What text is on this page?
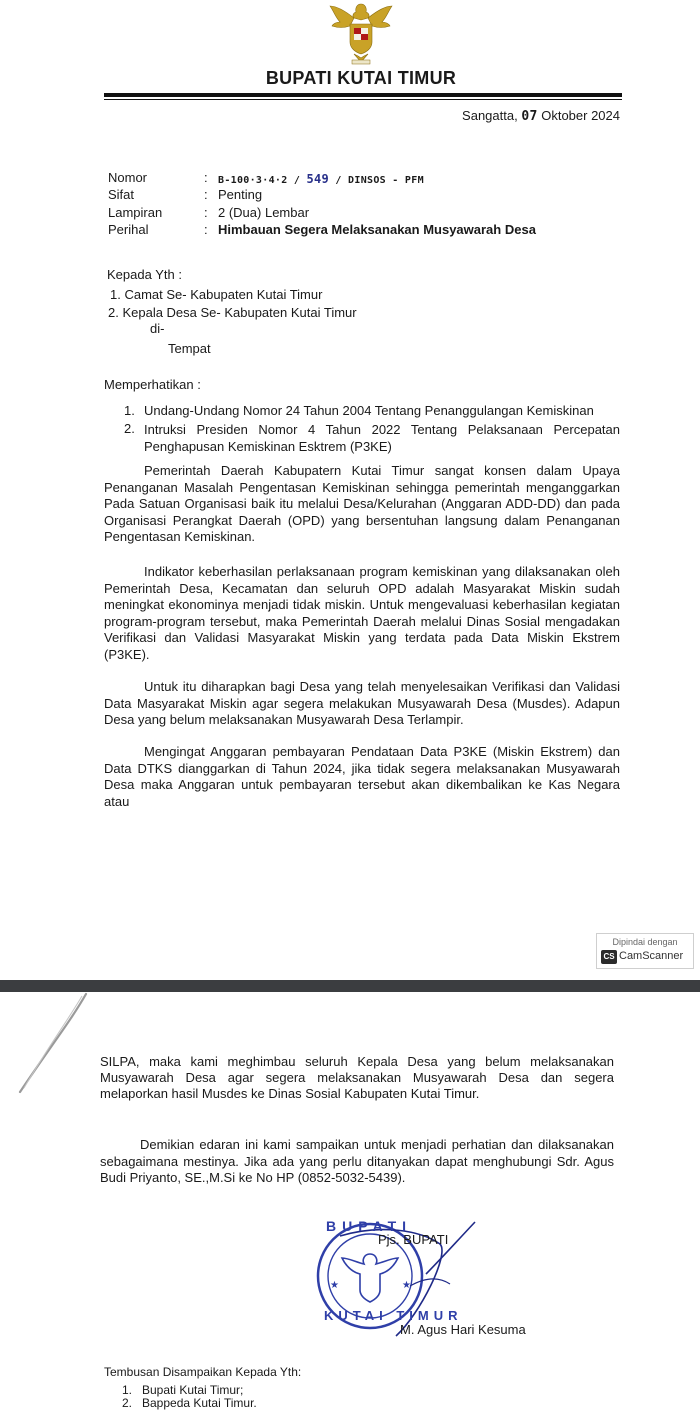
BUPATI KUTAI TIMUR
Sangatta, 07 Oktober 2024
Nomor	: B-100·3·4·2 / 549 / DINSOS - PFM
Sifat	: Penting
Lampiran	: 2 (Dua) Lembar
Perihal	: Himbauan Segera Melaksanakan Musyawarah Desa
Kepada Yth :
1. Camat Se- Kabupaten Kutai Timur
2. Kepala Desa Se- Kabupaten Kutai Timur
di-
Tempat
Memperhatikan :
1. Undang-Undang Nomor 24 Tahun 2004 Tentang Penanggulangan Kemiskinan
2. Intruksi Presiden Nomor 4 Tahun 2022 Tentang Pelaksanaan Percepatan Penghapusan Kemiskinan Esktrem (P3KE)
Pemerintah Daerah Kabupatern Kutai Timur sangat konsen dalam Upaya Penanganan Masalah Pengentasan Kemiskinan sehingga pemerintah menganggarkan Pada Satuan Organisasi baik itu melalui Desa/Kelurahan (Anggaran ADD-DD) dan pada Organisasi Perangkat Daerah (OPD) yang bersentuhan langsung dalam Penanganan Pengentasan Kemiskinan.
Indikator keberhasilan perlaksanaan program kemiskinan yang dilaksanakan oleh Pemerintah Desa, Kecamatan dan seluruh OPD adalah Masyarakat Miskin sudah meningkat ekonominya menjadi tidak miskin. Untuk mengevaluasi keberhasilan kegiatan program-program tersebut, maka Pemerintah Daerah melalui Dinas Sosial mengadakan Verifikasi dan Validasi Masyarakat Miskin yang terdata pada Data Miskin Ekstrem (P3KE).
Untuk itu diharapkan bagi Desa yang telah menyelesaikan Verifikasi dan Validasi Data Masyarakat Miskin agar segera melakukan Musyawarah Desa (Musdes). Adapun Desa yang belum melaksanakan Musyawarah Desa Terlampir.
Mengingat Anggaran pembayaran Pendataan Data P3KE (Miskin Ekstrem) dan Data DTKS dianggarkan di Tahun 2024, jika tidak segera melaksanakan Musyawarah Desa maka Anggaran untuk pembayaran tersebut akan dikembalikan ke Kas Negara atau
Dipindai dengan
CS CamScanner
SILPA, maka kami meghimbau seluruh Kepala Desa yang belum melaksanakan Musyawarah Desa agar segera melaksanakan Musyawarah Desa dan segera melaporkan hasil Musdes ke Dinas Sosial Kabupaten Kutai Timur.
Demikian edaran ini kami sampaikan untuk menjadi perhatian dan dilaksanakan sebagaimana mestinya. Jika ada yang perlu ditanyakan dapat menghubungi Sdr. Agus Budi Priyanto, SE.,M.Si ke No HP (0852-5032-5439).
★	★
BUPATI
KUTAI TIMUR
Pjs. BUPATI
M. Agus Hari Kesuma
Tembusan Disampaikan Kepada Yth:
1. Bupati Kutai Timur;
2. Bappeda Kutai Timur.
